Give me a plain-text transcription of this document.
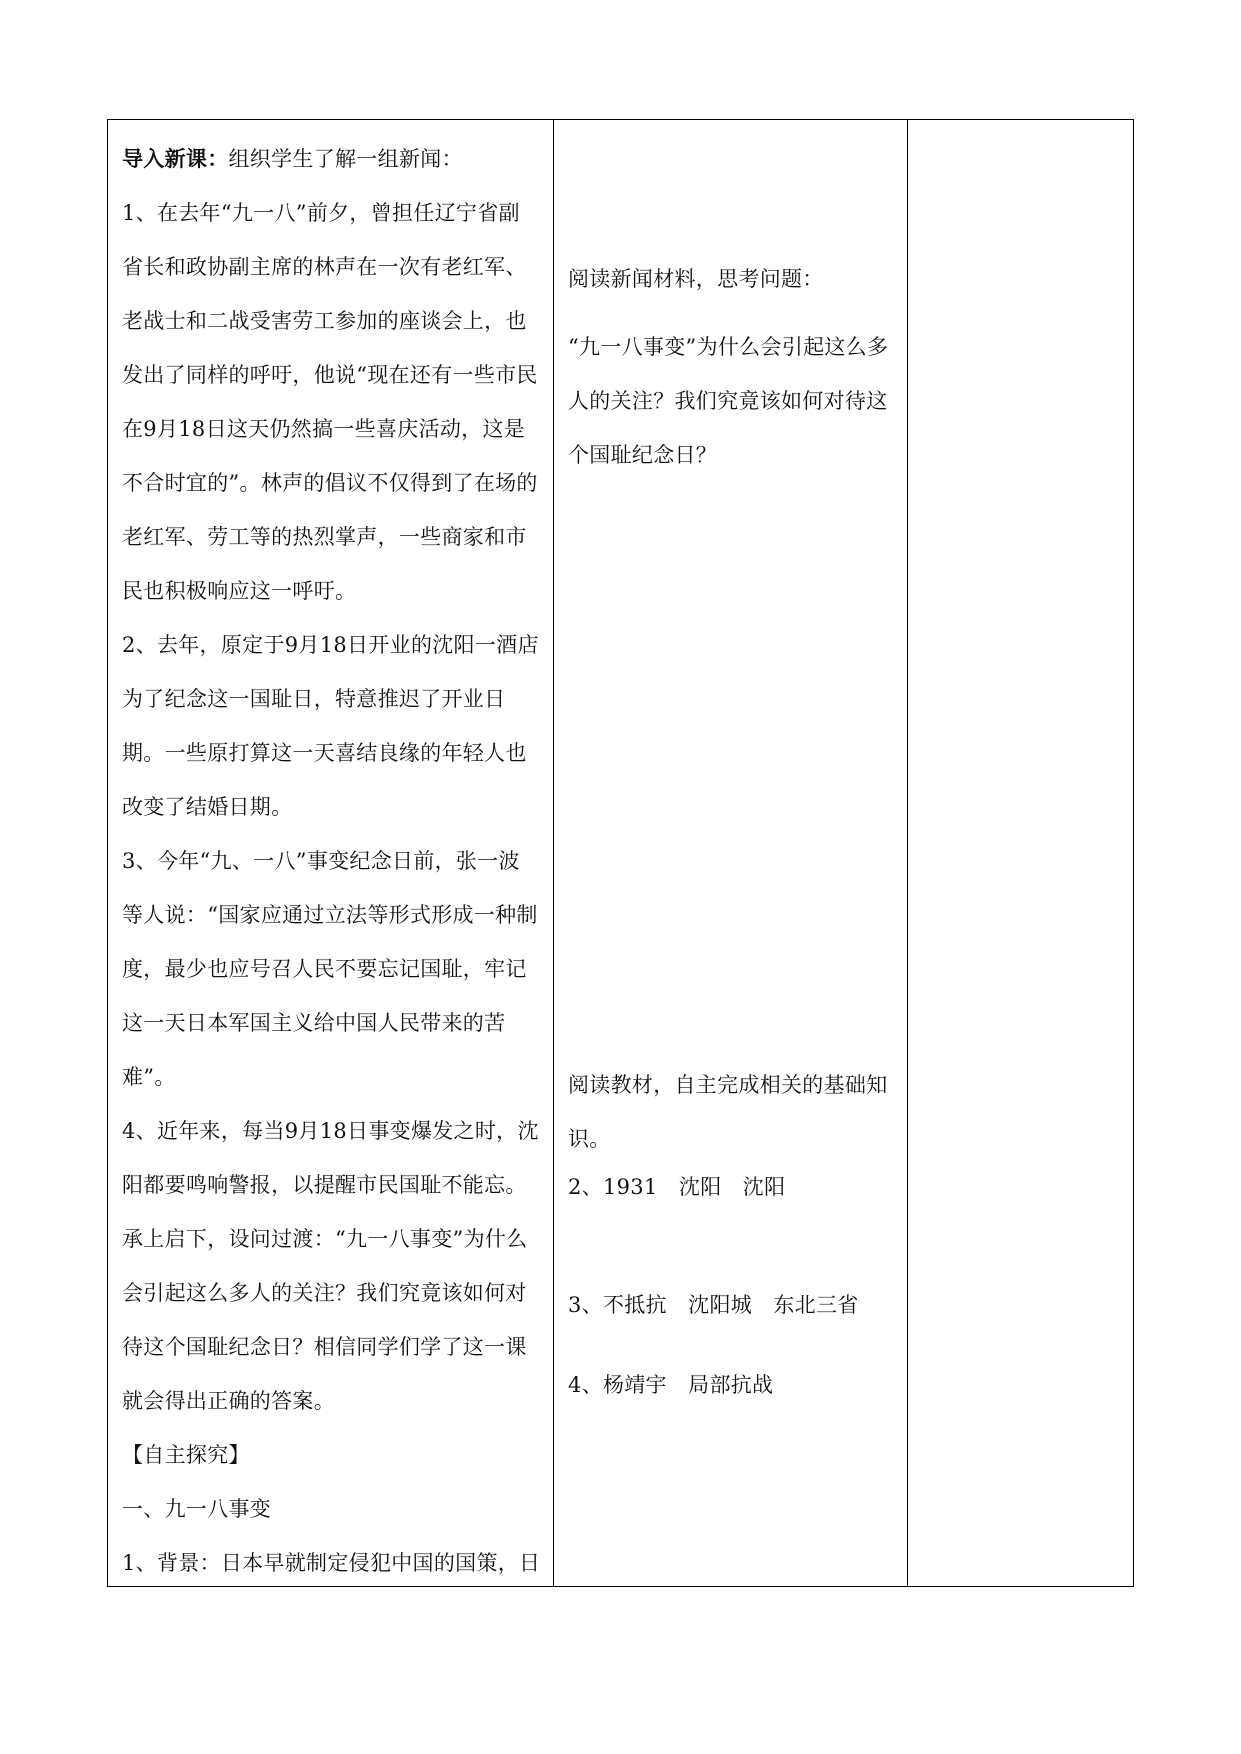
导入新课：组织学生了解一组新闻：

1、在去年“九一八”前夕，曾担任辽宁省副省长和政协副主席的林声在一次有老红军、老战士和二战受害劳工参加的座谈会上，也发出了同样的呼吁，他说“现在还有一些市民在9月18日这天仍然搞一些喜庆活动，这是不合时宜的”。林声的倡议不仅得到了在场的老红军、劳工等的热烈掌声，一些商家和市民也积极响应这一呼吁。

2、去年，原定于9月18日开业的沈阳一酒店为了纪念这一国耻日，特意推迟了开业日期。一些原打算这一天喜结良缘的年轻人也改变了结婚日期。

3、今年“九、一八”事变纪念日前，张一波等人说：“国家应通过立法等形式形成一种制度，最少也应号召人民不要忘记国耻，牢记这一天日本军国主义给中国人民带来的苦难”。

4、近年来，每当9月18日事变爆发之时，沈阳都要鸣响警报，以提醒市民国耻不能忘。

承上启下，设问过渡：“九一八事变”为什么会引起这么多人的关注？我们究竟该如何对待这个国耻纪念日？相信同学们学了这一课就会得出正确的答案。

【自主探究】

一、九一八事变

1、背景：日本早就制定侵犯中国的国策，日

阅读新闻材料，思考问题：

“九一八事变”为什么会引起这么多人的关注？我们究竟该如何对待这个国耻纪念日？

阅读教材，自主完成相关的基础知识。

2、1931　沈阳　沈阳

3、不抵抗　沈阳城　东北三省

4、杨靖宇　局部抗战
